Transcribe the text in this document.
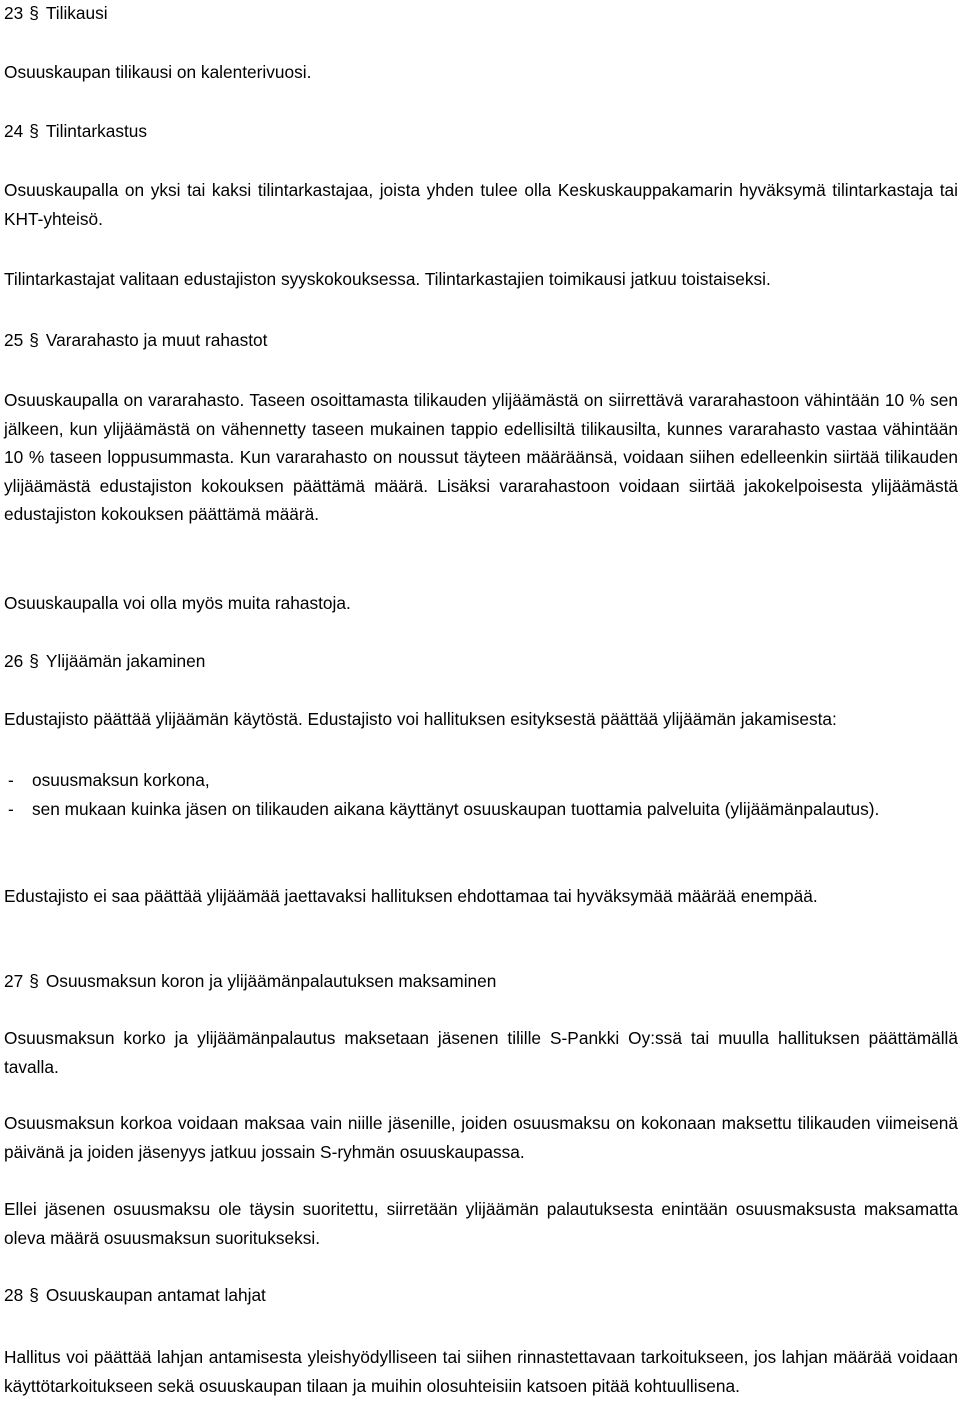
23 § Tilikausi

Osuuskaupan tilikausi on kalenterivuosi.

24 § Tilintarkastus

Osuuskaupalla on yksi tai kaksi tilintarkastajaa, joista yhden tulee olla Keskuskauppakamarin hyväksymä tilintarkastaja tai KHT-yhteisö.

Tilintarkastajat valitaan edustajiston syyskokouksessa. Tilintarkastajien toimikausi jatkuu toistaiseksi.

25 § Vararahasto ja muut rahastot

Osuuskaupalla on vararahasto. Taseen osoittamasta tilikauden ylijäämästä on siirrettävä vararahastoon vähintään 10 % sen jälkeen, kun ylijäämästä on vähennetty taseen mukainen tappio edellisiltä tilikausilta, kunnes vararahasto vastaa vähintään 10 % taseen loppusummasta. Kun vararahasto on noussut täyteen määräänsä, voidaan siihen edelleenkin siirtää tilikauden ylijäämästä edustajiston kokouksen päättämä määrä. Lisäksi vararahastoon voidaan siirtää jakokelpoisesta ylijäämästä edustajiston kokouksen päättämä määrä.

Osuuskaupalla voi olla myös muita rahastoja.

26 § Ylijäämän jakaminen

Edustajisto päättää ylijäämän käytöstä. Edustajisto voi hallituksen esityksestä päättää ylijäämän jakamisesta:

-	osuusmaksun korkona,
-	sen mukaan kuinka jäsen on tilikauden aikana käyttänyt osuuskaupan tuottamia palveluita (ylijäämänpalautus).

Edustajisto ei saa päättää ylijäämää jaettavaksi hallituksen ehdottamaa tai hyväksymää määrää enempää.

27 § Osuusmaksun koron ja ylijäämänpalautuksen maksaminen

Osuusmaksun korko ja ylijäämänpalautus maksetaan jäsenen tilille S-Pankki Oy:ssä tai muulla hallituksen päättämällä tavalla.

Osuusmaksun korkoa voidaan maksaa vain niille jäsenille, joiden osuusmaksu on kokonaan maksettu tilikauden viimeisenä päivänä ja joiden jäsenyys jatkuu jossain S-ryhmän osuuskaupassa.

Ellei jäsenen osuusmaksu ole täysin suoritettu, siirretään ylijäämän palautuksesta enintään osuusmaksusta maksamatta oleva määrä osuusmaksun suoritukseksi.

28 § Osuuskaupan antamat lahjat

Hallitus voi päättää lahjan antamisesta yleishyödylliseen tai siihen rinnastettavaan tarkoitukseen, jos lahjan määrää voidaan käyttötarkoitukseen sekä osuuskaupan tilaan ja muihin olosuhteisiin katsoen pitää kohtuullisena.
